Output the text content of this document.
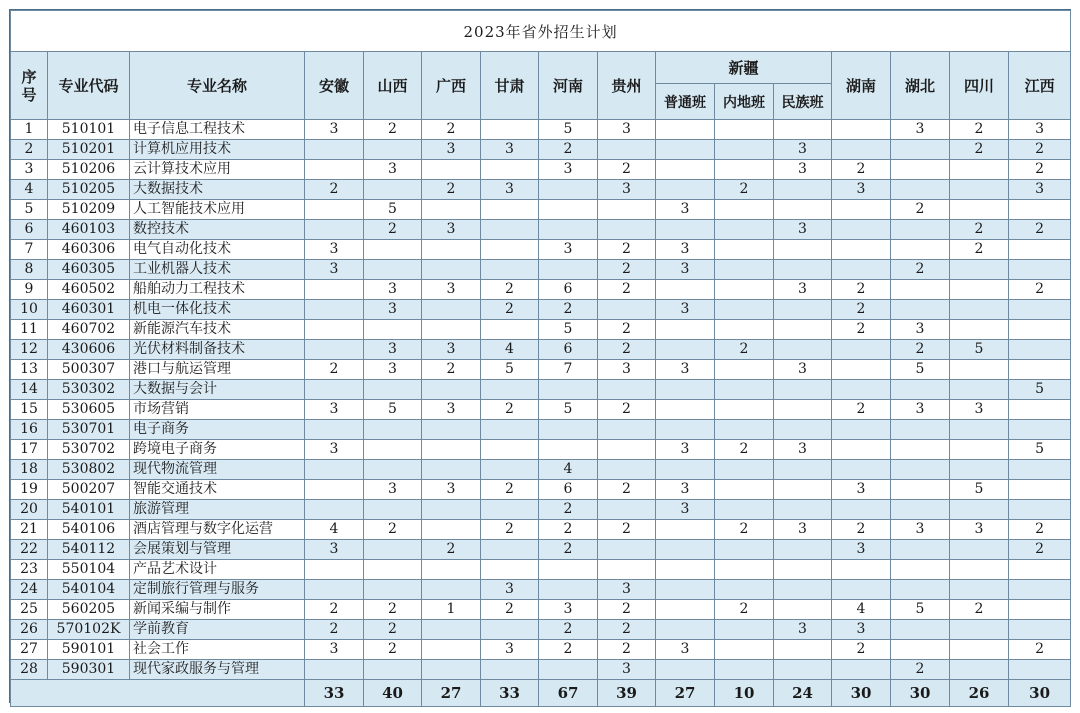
2023年省外招生计划															
序号	专业代码	专业名称	安徽	山西	广西	甘肃	河南	贵州	新疆			湖南	湖北	四川	江西
									普通班	内地班	民族班				
1	510101	电子信息工程技术	3	2	2		5	3					3	2	3
2	510201	计算机应用技术			3	3	2				3			2	2
3	510206	云计算技术应用		3			3	2			3	2			2
4	510205	大数据技术	2		2	3		3		2		3			3
5	510209	人工智能技术应用		5					3				2		
6	460103	数控技术		2	3						3			2	2
7	460306	电气自动化技术	3				3	2	3					2	
8	460305	工业机器人技术	3					2	3				2		
9	460502	船舶动力工程技术		3	3	2	6	2			3	2			2
10	460301	机电一体化技术		3		2	2		3			2			
11	460702	新能源汽车技术					5	2				2	3		
12	430606	光伏材料制备技术		3	3	4	6	2		2			2	5	
13	500307	港口与航运管理	2	3	2	5	7	3	3		3		5		
14	530302	大数据与会计													5
15	530605	市场营销	3	5	3	2	5	2				2	3	3	
16	530701	电子商务													
17	530702	跨境电子商务	3						3	2	3				5
18	530802	现代物流管理					4								
19	500207	智能交通技术		3	3	2	6	2	3			3		5	
20	540101	旅游管理					2		3						
21	540106	酒店管理与数字化运营	4	2		2	2	2		2	3	2	3	3	2
22	540112	会展策划与管理	3		2		2					3			2
23	550104	产品艺术设计													
24	540104	定制旅行管理与服务				3		3							
25	560205	新闻采编与制作	2	2	1	2	3	2		2		4	5	2	
26	570102K	学前教育	2	2			2	2			3	3			
27	590101	社会工作	3	2		3	2	2	3			2			2
28	590301	现代家政服务与管理						3					2		
			33	40	27	33	67	39	27	10	24	30	30	26	30
